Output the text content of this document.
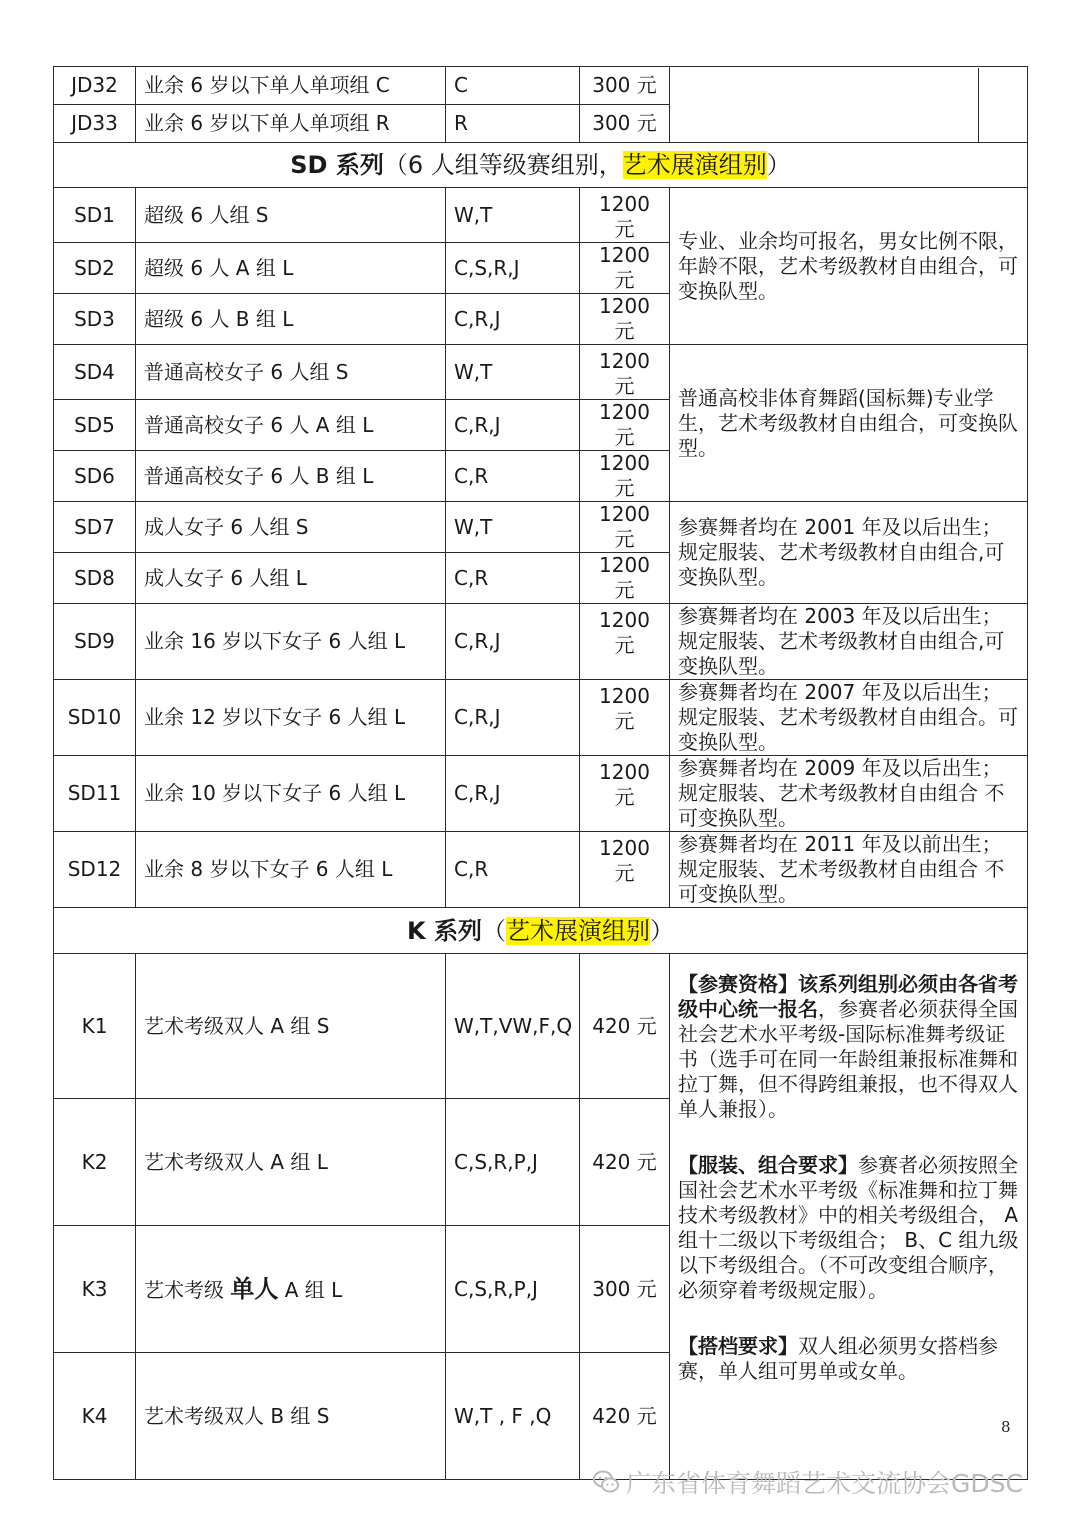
JD32	业余 6 岁以下单人单项组 C	C	300 元	

JD33	业余 6 岁以下单人单项组 R	R	300 元	
SD 系列（6 人组等级赛组别，艺术展演组别）				
SD1	超级 6 人组 S	W,T	1200 元	专业、业余均可报名，男女比例不限，年龄不限，艺术考级教材自由组合，可变换队型。
SD2	超级 6 人 A 组 L	C,S,R,J	1200 元	
SD3	超级 6 人 B 组 L	C,R,J	1200 元	
SD4	普通高校女子 6 人组 S	W,T	1200 元	普通高校非体育舞蹈(国标舞)专业学生，艺术考级教材自由组合，可变换队型。
SD5	普通高校女子 6 人 A 组 L	C,R,J	1200 元	
SD6	普通高校女子 6 人 B 组 L	C,R	1200 元	
SD7	成人女子 6 人组 S	W,T	1200 元	参赛舞者均在 2001 年及以后出生；规定服装、艺术考级教材自由组合,可变换队型。
SD8	成人女子 6 人组 L	C,R	1200 元	
SD9	业余 16 岁以下女子 6 人组 L	C,R,J	1200 元	参赛舞者均在 2003 年及以后出生；规定服装、艺术考级教材自由组合,可变换队型。
SD10	业余 12 岁以下女子 6 人组 L	C,R,J	1200 元	参赛舞者均在 2007 年及以后出生；规定服装、艺术考级教材自由组合。可变换队型。
SD11	业余 10 岁以下女子 6 人组 L	C,R,J	1200 元	参赛舞者均在 2009 年及以后出生；规定服装、艺术考级教材自由组合 不可变换队型。
SD12	业余 8 岁以下女子 6 人组 L	C,R	1200 元	参赛舞者均在 2011 年及以前出生；规定服装、艺术考级教材自由组合 不可变换队型。
K 系列（艺术展演组别）				
K1	艺术考级双人 A 组 S	W,T,VW,F,Q	420 元	【参赛资格】该系列组别必须由各省考级中心统一报名，参赛者必须获得全国社会艺术水平考级-国际标准舞考级证书（选手可在同一年龄组兼报标准舞和拉丁舞，但不得跨组兼报，也不得双人单人兼报）。

【服装、组合要求】参赛者必须按照全国社会艺术水平考级《标准舞和拉丁舞技术考级教材》中的相关考级组合， A 组十二级以下考级组合； B、C 组九级以下考级组合。（不可改变组合顺序，必须穿着考级规定服）。

【搭档要求】双人组必须男女搭档参赛，单人组可男单或女单。

K2	艺术考级双人 A 组 L	C,S,R,P,J	420 元	
K3	艺术考级 单人 A 组 L	C,S,R,P,J	300 元	
K4	艺术考级双人 B 组 S	W,T , F ,Q	420 元		8
广东省体育舞蹈艺术交流协会GDSC
